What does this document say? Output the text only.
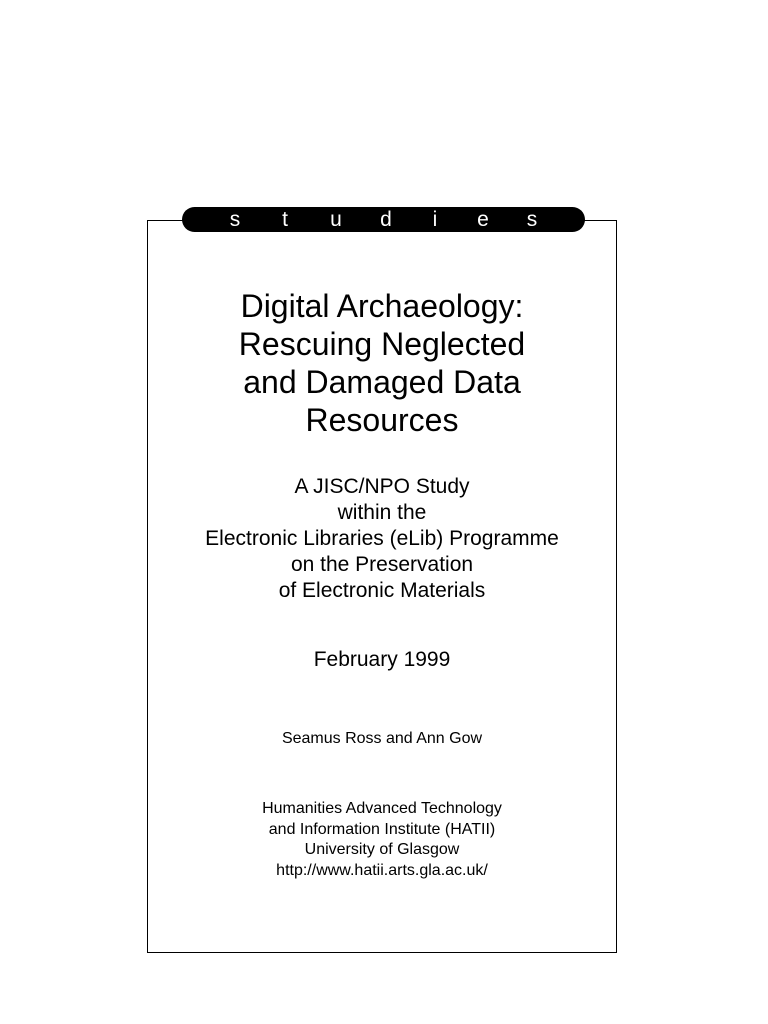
s	t	u d	i	e s
Digital Archaeology:
Rescuing Neglected
and Damaged Data
Resources
A JISC/NPO Study
within the
Electronic Libraries (eLib) Programme
on the Preservation
of Electronic Materials
February 1999
Seamus Ross and Ann Gow
Humanities Advanced Technology
and Information Institute (HATII)
University of Glasgow
http://www.hatii.arts.gla.ac.uk/
